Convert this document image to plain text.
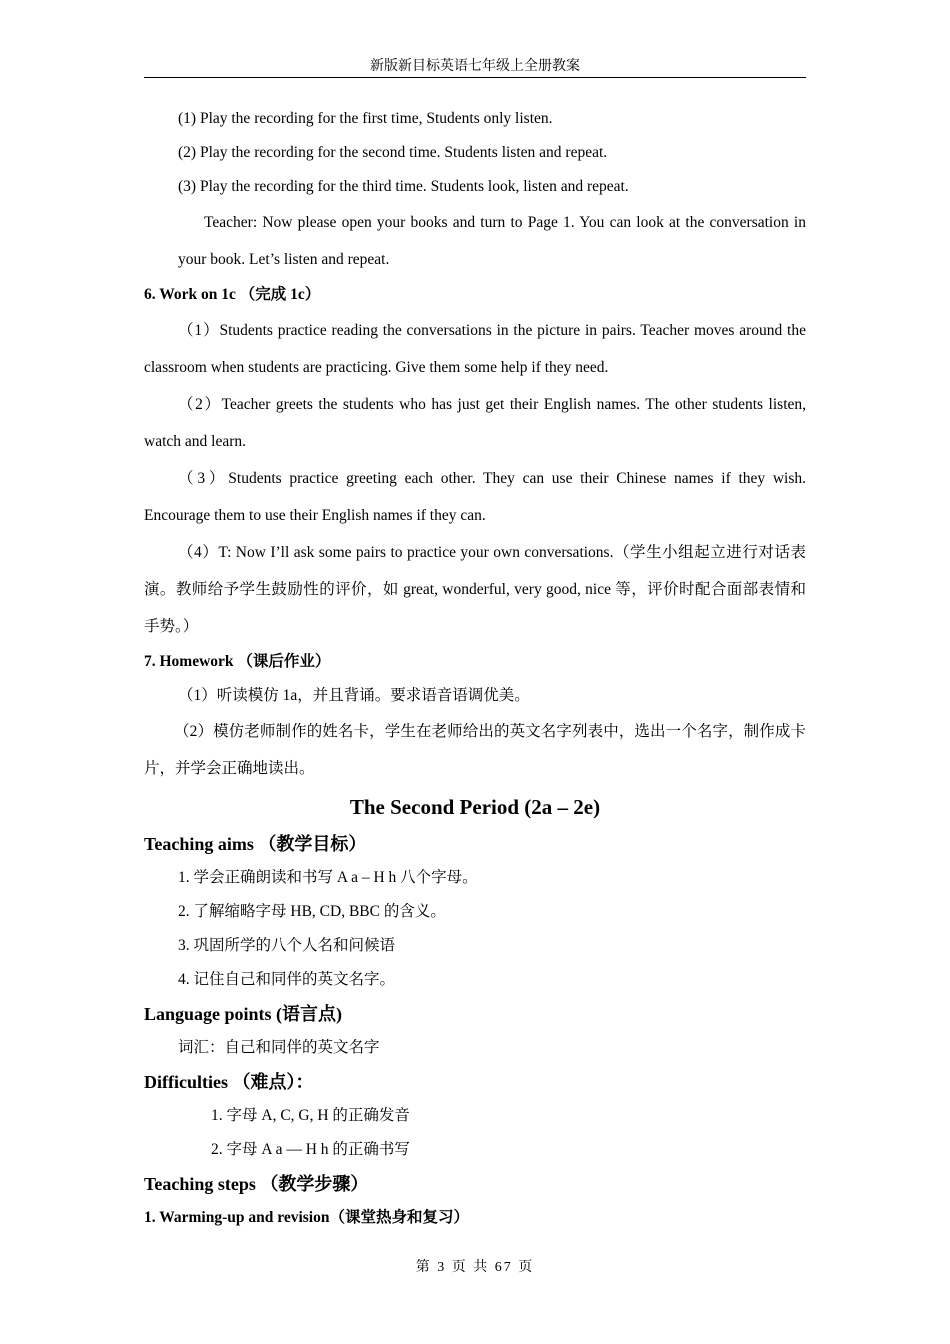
新版新目标英语七年级上全册教案

(1) Play the recording for the first time, Students only listen.

(2) Play the recording for the second time. Students listen and repeat.

(3) Play the recording for the third time. Students look, listen and repeat.

Teacher: Now please open your books and turn to Page 1. You can look at the conversation in your book. Let’s listen and repeat.

6. Work on 1c （完成 1c）

（1）Students practice reading the conversations in the picture in pairs. Teacher moves around the classroom when students are practicing. Give them some help if they need.

（2）Teacher greets the students who has just get their English names. The other students listen, watch and learn.

（3）Students practice greeting each other. They can use their Chinese names if they wish. Encourage them to use their English names if they can.

（4）T: Now I’ll ask some pairs to practice your own conversations.（学生小组起立进行对话表演。教师给予学生鼓励性的评价，如 great, wonderful, very good, nice 等，评价时配合面部表情和手势。）

7. Homework （课后作业）

（1）听读模仿 1a，并且背诵。要求语音语调优美。

（2）模仿老师制作的姓名卡，学生在老师给出的英文名字列表中，选出一个名字，制作成卡片，并学会正确地读出。

The Second Period (2a – 2e)

Teaching aims （教学目标）

1. 学会正确朗读和书写 A a – H h 八个字母。

2. 了解缩略字母 HB, CD, BBC 的含义。

3. 巩固所学的八个人名和问候语

4. 记住自己和同伴的英文名字。

Language points (语言点)

词汇：自己和同伴的英文名字

Difficulties （难点）：

1. 字母 A, C, G, H 的正确发音

2. 字母 A a — H h 的正确书写

Teaching steps （教学步骤）

1. Warming-up and revision（课堂热身和复习）

第 3 页 共 67 页
